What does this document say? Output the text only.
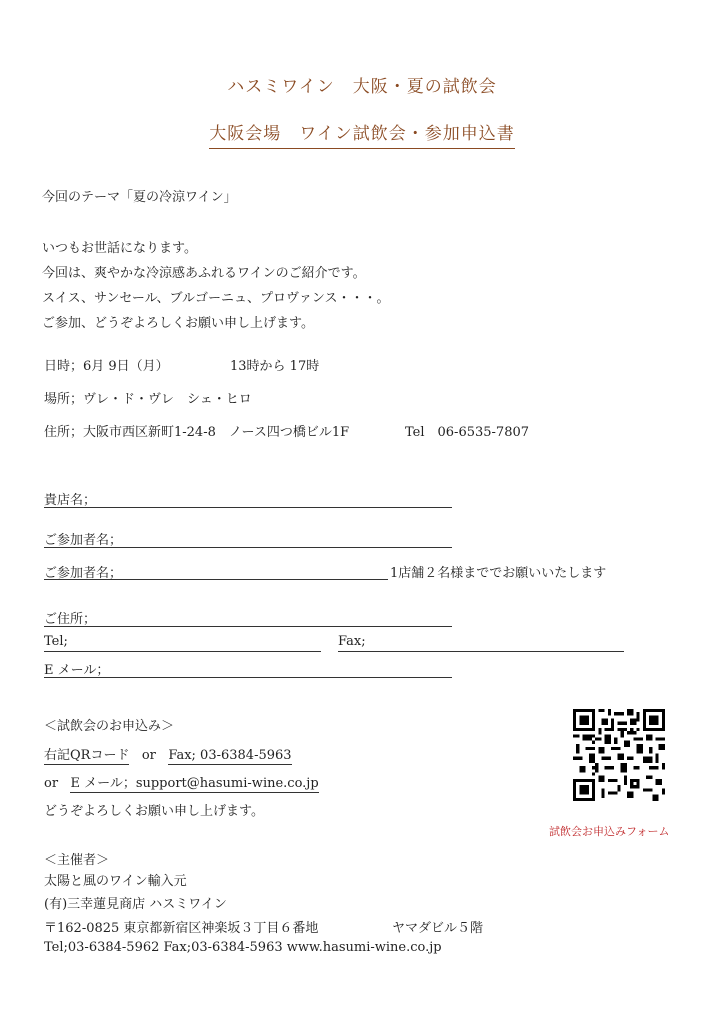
ハスミワイン　大阪・夏の試飲会
大阪会場　ワイン試飲会・参加申込書
今回のテーマ「夏の冷涼ワイン」
いつもお世話になります。
今回は、爽やかな冷涼感あふれるワインのご紹介です。
スイス、サンセール、ブルゴーニュ、プロヴァンス・・・。
ご参加、どうぞよろしくお願い申し上げます。
日時；6月 9日（月）	13時から 17時
場所；ヴレ・ド・ヴレ　シェ・ヒロ
住所；大阪市西区新町1-24-8　ノース四つ橋ビル1F	Tel　06-6535-7807
貴店名；
ご参加者名；
ご参加者名；	1店舗２名様まででお願いいたします
ご住所；
Tel;	Fax;
E メール；
＜試飲会のお申込み＞
右記QRコード or Fax; 03-6384-5963
or E メール；support@hasumi-wine.co.jp
どうぞよろしくお願い申し上げます。
試飲会お申込みフォーム
＜主催者＞
太陽と風のワイン輸入元
(有)三幸蓮見商店 ハスミワイン
〒162-0825 東京都新宿区神楽坂３丁目６番地	ヤマダビル５階
Tel;03-6384-5962 Fax;03-6384-5963 www.hasumi-wine.co.jp
